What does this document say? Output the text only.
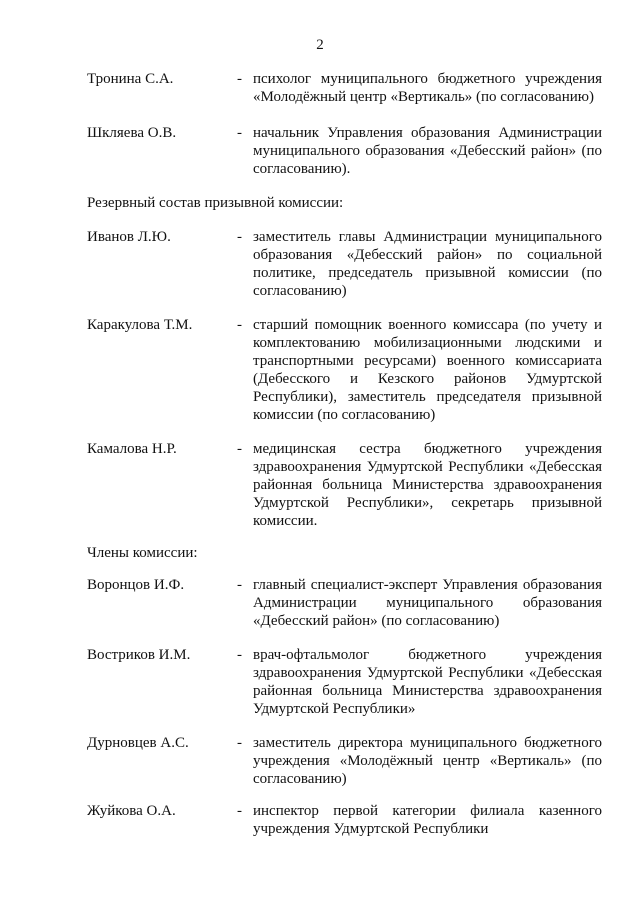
2
Тронина С.А.	- психолог муниципального бюджетного учреждения «Молодёжный центр «Вертикаль» (по согласованию)

Шкляева О.В.	- начальник Управления образования Администрации муниципального образования «Дебесский район» (по согласованию).

Резервный состав призывной комиссии:
Иванов Л.Ю.	- заместитель главы Администрации муниципального образования «Дебесский район» по социальной политике, председатель призывной комиссии (по согласованию)

Каракулова Т.М.	- старший помощник военного комиссара (по учету и комплектованию мобилизационными людскими и транспортными ресурсами) военного комиссариата (Дебесского и Кезского районов Удмуртской Республики), заместитель председателя призывной комиссии (по согласованию)

Камалова Н.Р.	- медицинская сестра бюджетного учреждения здравоохранения Удмуртской Республики «Дебесская районная больница Министерства здравоохранения Удмуртской Республики», секретарь призывной комиссии.

Члены комиссии:
Воронцов И.Ф.	- главный специалист-эксперт Управления образования Администрации муниципального образования «Дебесский район» (по согласованию)

Востриков И.М.	- врач-офтальмолог бюджетного учреждения здравоохранения Удмуртской Республики «Дебесская районная больница Министерства здравоохранения Удмуртской Республики»

Дурновцев А.С.	- заместитель директора муниципального бюджетного учреждения «Молодёжный центр «Вертикаль» (по согласованию)

Жуйкова О.А.	- инспектор первой категории филиала казенного учреждения Удмуртской Республики
